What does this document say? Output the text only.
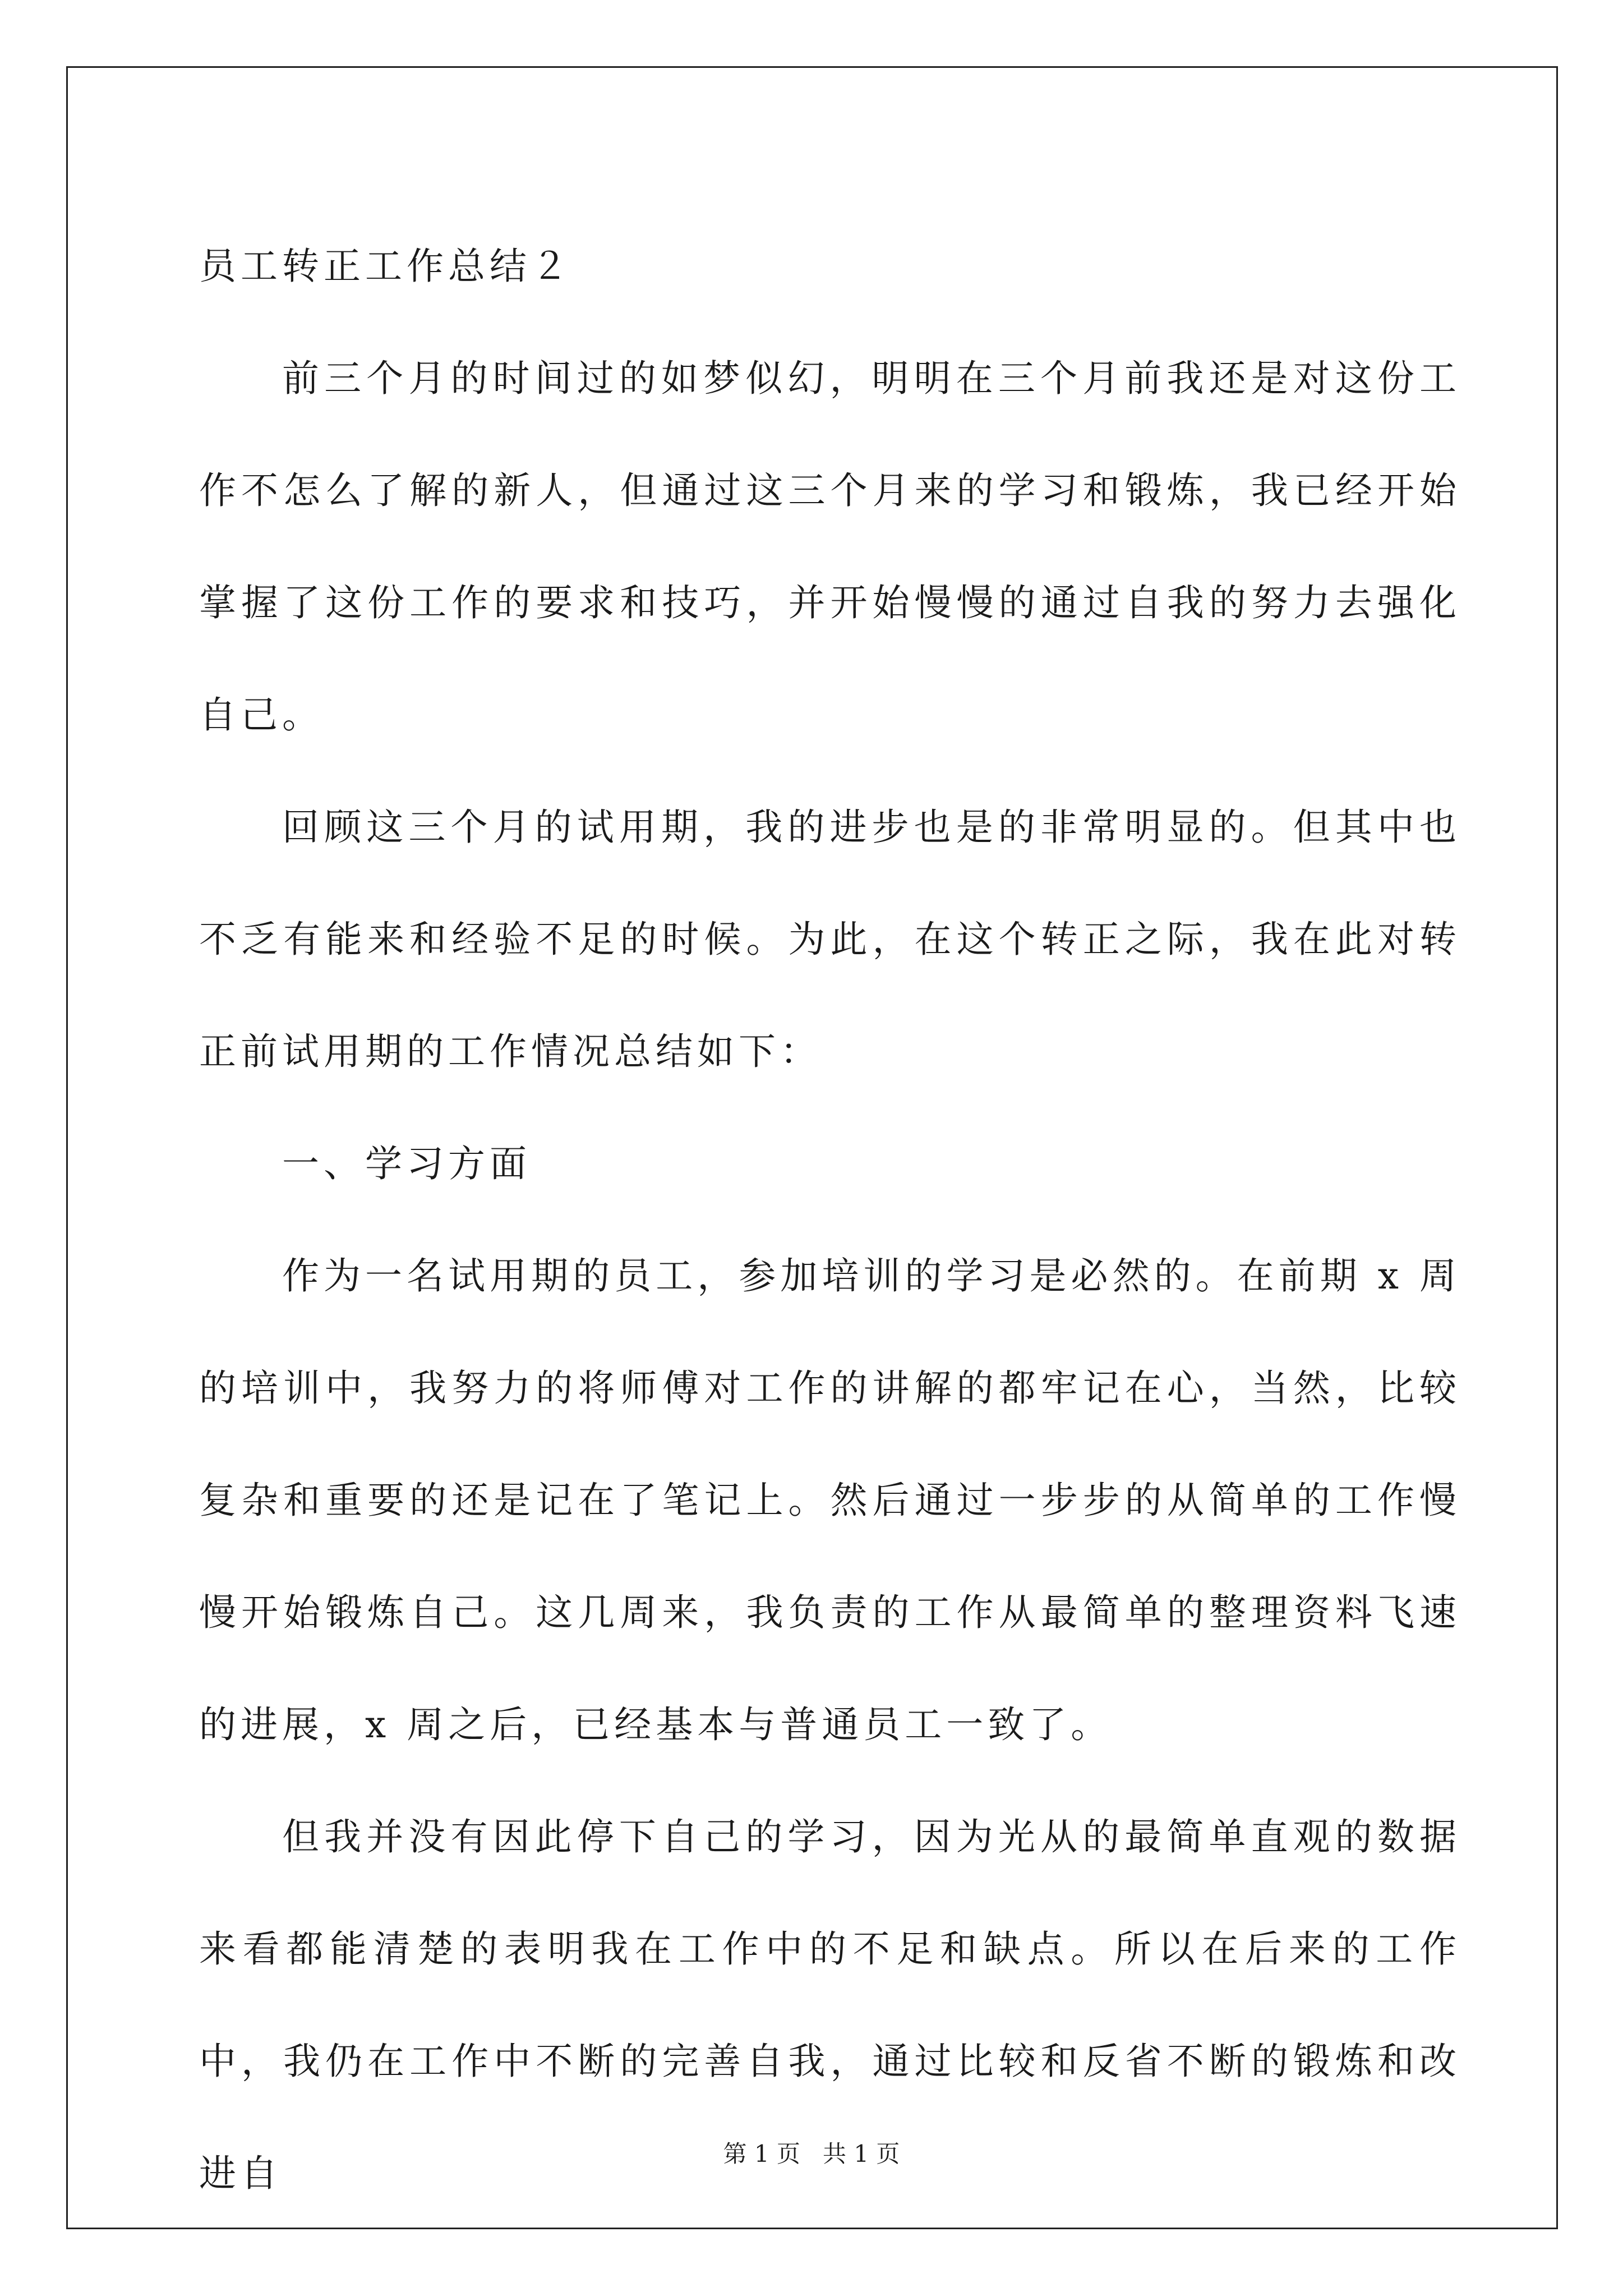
员工转正工作总结２

前三个月的时间过的如梦似幻，明明在三个月前我还是对这份工作不怎么了解的新人，但通过这三个月来的学习和锻炼，我已经开始掌握了这份工作的要求和技巧，并开始慢慢的通过自我的努力去强化自己。

回顾这三个月的试用期，我的进步也是的非常明显的。但其中也不乏有能来和经验不足的时候。为此，在这个转正之际，我在此对转正前试用期的工作情况总结如下：

一、学习方面

作为一名试用期的员工，参加培训的学习是必然的。在前期 x 周的培训中，我努力的将师傅对工作的讲解的都牢记在心，当然，比较复杂和重要的还是记在了笔记上。然后通过一步步的从简单的工作慢慢开始锻炼自己。这几周来，我负责的工作从最简单的整理资料飞速的进展，x 周之后，已经基本与普通员工一致了。

但我并没有因此停下自己的学习，因为光从的最简单直观的数据来看都能清楚的表明我在工作中的不足和缺点。所以在后来的工作中，我仍在工作中不断的完善自我，通过比较和反省不断的锻炼和改进自	第 1 页 共 1 页
